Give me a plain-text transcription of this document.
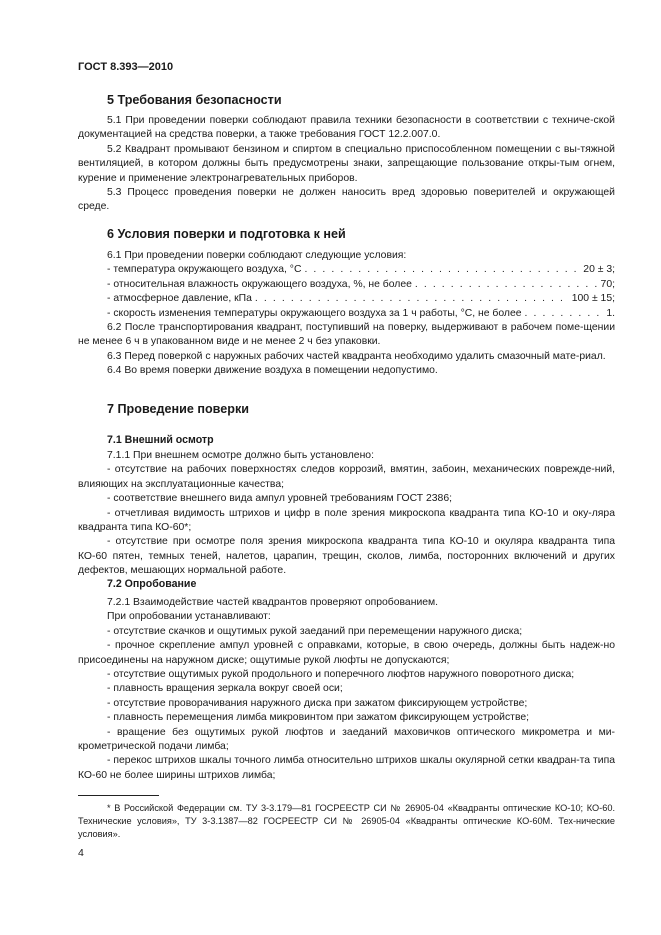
ГОСТ 8.393—2010
5 Требования безопасности

5.1 При проведении поверки соблюдают правила техники безопасности в соответствии с техниче-ской документацией на средства поверки, а также требования ГОСТ 12.2.007.0.

5.2 Квадрант промывают бензином и спиртом в специально приспособленном помещении с вы-тяжной вентиляцией, в котором должны быть предусмотрены знаки, запрещающие пользование откры-тым огнем, курение и применение электронагревательных приборов.

5.3 Процесс проведения поверки не должен наносить вред здоровью поверителей и окружающей среде.

6 Условия поверки и подготовка к ней

6.1 При проведении поверки соблюдают следующие условия:

- температура окружающего воздуха, °С . . .	20 ± 3;
- относительная влажность окружающего воздуха, %, не более . . .	70;
- атмосферное давление, кПа . . .	100 ± 15;
- скорость изменения температуры окружающего воздуха за 1 ч работы, °С, не более . . .	1.

6.2 После транспортирования квадрант, поступивший на поверку, выдерживают в рабочем поме-щении не менее 6 ч в упакованном виде и не менее 2 ч без упаковки.

6.3 Перед поверкой с наружных рабочих частей квадранта необходимо удалить смазочный мате-риал.

6.4 Во время поверки движение воздуха в помещении недопустимо.

7 Проведение поверки
7.1 Внешний осмотр

7.1.1 При внешнем осмотре должно быть установлено:

- отсутствие на рабочих поверхностях следов коррозий, вмятин, забоин, механических поврежде-ний, влияющих на эксплуатационные качества;

- соответствие внешнего вида ампул уровней требованиям ГОСТ 2386;

- отчетливая видимость штрихов и цифр в поле зрения микроскопа квадранта типа КО-10 и оку-ляра квадранта типа КО-60*;

- отсутствие при осмотре поля зрения микроскопа квадранта типа КО-10 и окуляра квадранта типа КО-60 пятен, темных теней, налетов, царапин, трещин, сколов, лимба, посторонних включений и других дефектов, мешающих нормальной работе.

7.2 Опробование

7.2.1 Взаимодействие частей квадрантов проверяют опробованием.

При опробовании устанавливают:

- отсутствие скачков и ощутимых рукой заеданий при перемещении наружного диска;

- прочное скрепление ампул уровней с оправками, которые, в свою очередь, должны быть надеж-но присоединены на наружном диске; ощутимые рукой люфты не допускаются;

- отсутствие ощутимых рукой продольного и поперечного люфтов наружного поворотного диска;

- плавность вращения зеркала вокруг своей оси;

- отсутствие проворачивания наружного диска при зажатом фиксирующем устройстве;

- плавность перемещения лимба микровинтом при зажатом фиксирующем устройстве;

- вращение без ощутимых рукой люфтов и заеданий маховичков оптического микрометра и ми-крометрической подачи лимба;

- перекос штрихов шкалы точного лимба относительно штрихов шкалы окулярной сетки квадран-та типа КО-60 не более ширины штрихов лимба;

* В Российской Федерации см. ТУ 3-3.179—81 ГОСРЕЕСТР СИ № 26905-04 «Квадранты оптические КО-10; КО-60. Технические условия», ТУ 3-3.1387—82 ГОСРЕЕСТР СИ № 26905-04 «Квадранты оптические КО-60М. Тех-нические условия».

4
